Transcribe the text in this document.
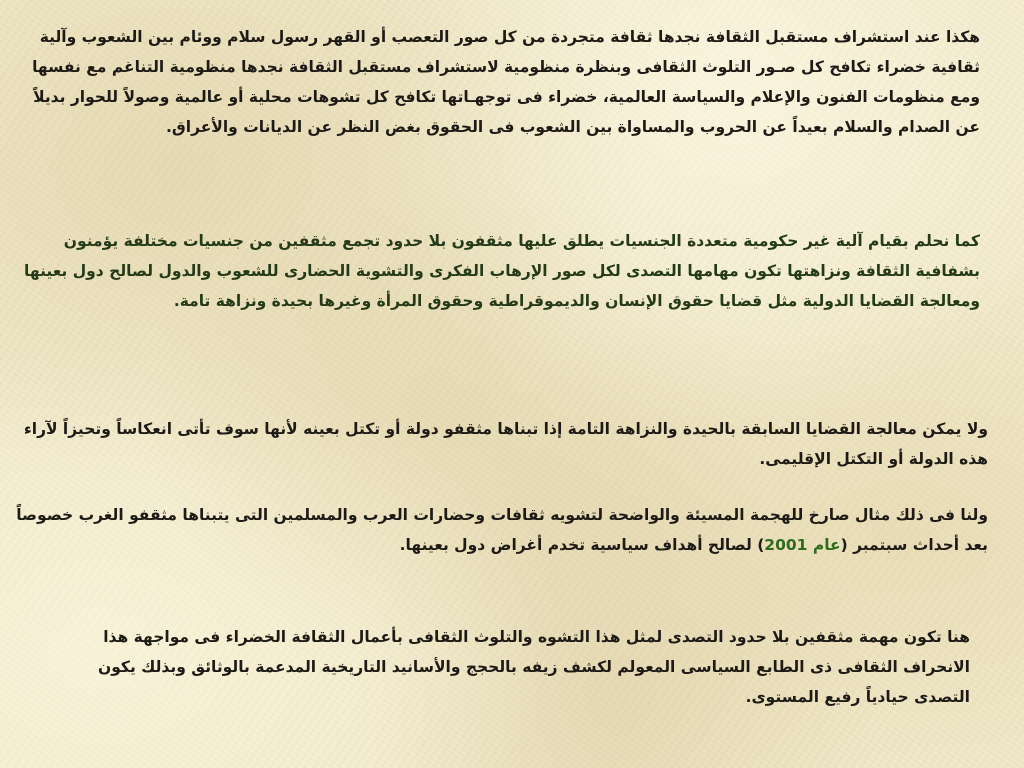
هكذا عند استشراف مستقبل الثقافة نجدها ثقافة متجردة من كل صور التعصب أو القهر رسول سلام ووئام بين الشعوب وآلية ثقافية خضراء تكافح كل صـور التلوث الثقافى وبنظرة منظومية لاستشراف مستقبل الثقافة نجدها منظومية التناغم مع نفسها ومع منظومات الفنون والإعلام والسياسة العالمية، خضراء فى توجهـاتها تكافح كل تشوهات محلية أو عالمية وصولاً للحوار بديلاً عن الصدام والسلام بعيداً عن الحروب والمساواة بين الشعوب فى الحقوق بغض النظر عن الديانات والأعراق.

كما نحلم بقيام آلية غير حكومية متعددة الجنسيات يطلق عليها مثقفون بلا حدود تجمع مثقفين من جنسيات مختلفة يؤمنون بشفافية الثقافة ونزاهتها تكون مهامها التصدى لكل صور الإرهاب الفكرى والتشوية الحضارى للشعوب والدول لصالح دول بعينها ومعالجة القضايا الدولية مثل قضايا حقوق الإنسان والديموقراطية وحقوق المرأة وغيرها بحيدة ونزاهة تامة.

ولا يمكن معالجة القضايا السابقة بالحيدة والنزاهة التامة إذا تبناها مثقفو دولة أو تكتل بعينه لأنها سوف تأتى انعكاساً وتحيزاً لآراء هذه الدولة أو التكتل الإقليمى.

ولنا فى ذلك مثال صارخ للهجمة المسيئة والواضحة لتشويه ثقافات وحضارات العرب والمسلمين التى يتبناها مثقفو الغرب خصوصاً بعد أحداث سبتمبر (عام 2001) لصالح أهداف سياسية تخدم أغراض دول بعينها.

هنا تكون مهمة مثقفين بلا حدود التصدى لمثل هذا التشوه والتلوث الثقافى بأعمال الثقافة الخضراء فى مواجهة هذا الانحراف الثقافى ذى الطابع السياسى المعولم لكشف زيفه بالحجج والأسانيد التاريخية المدعمة بالوثائق وبذلك يكون التصدى حيادياً رفيع المستوى.
